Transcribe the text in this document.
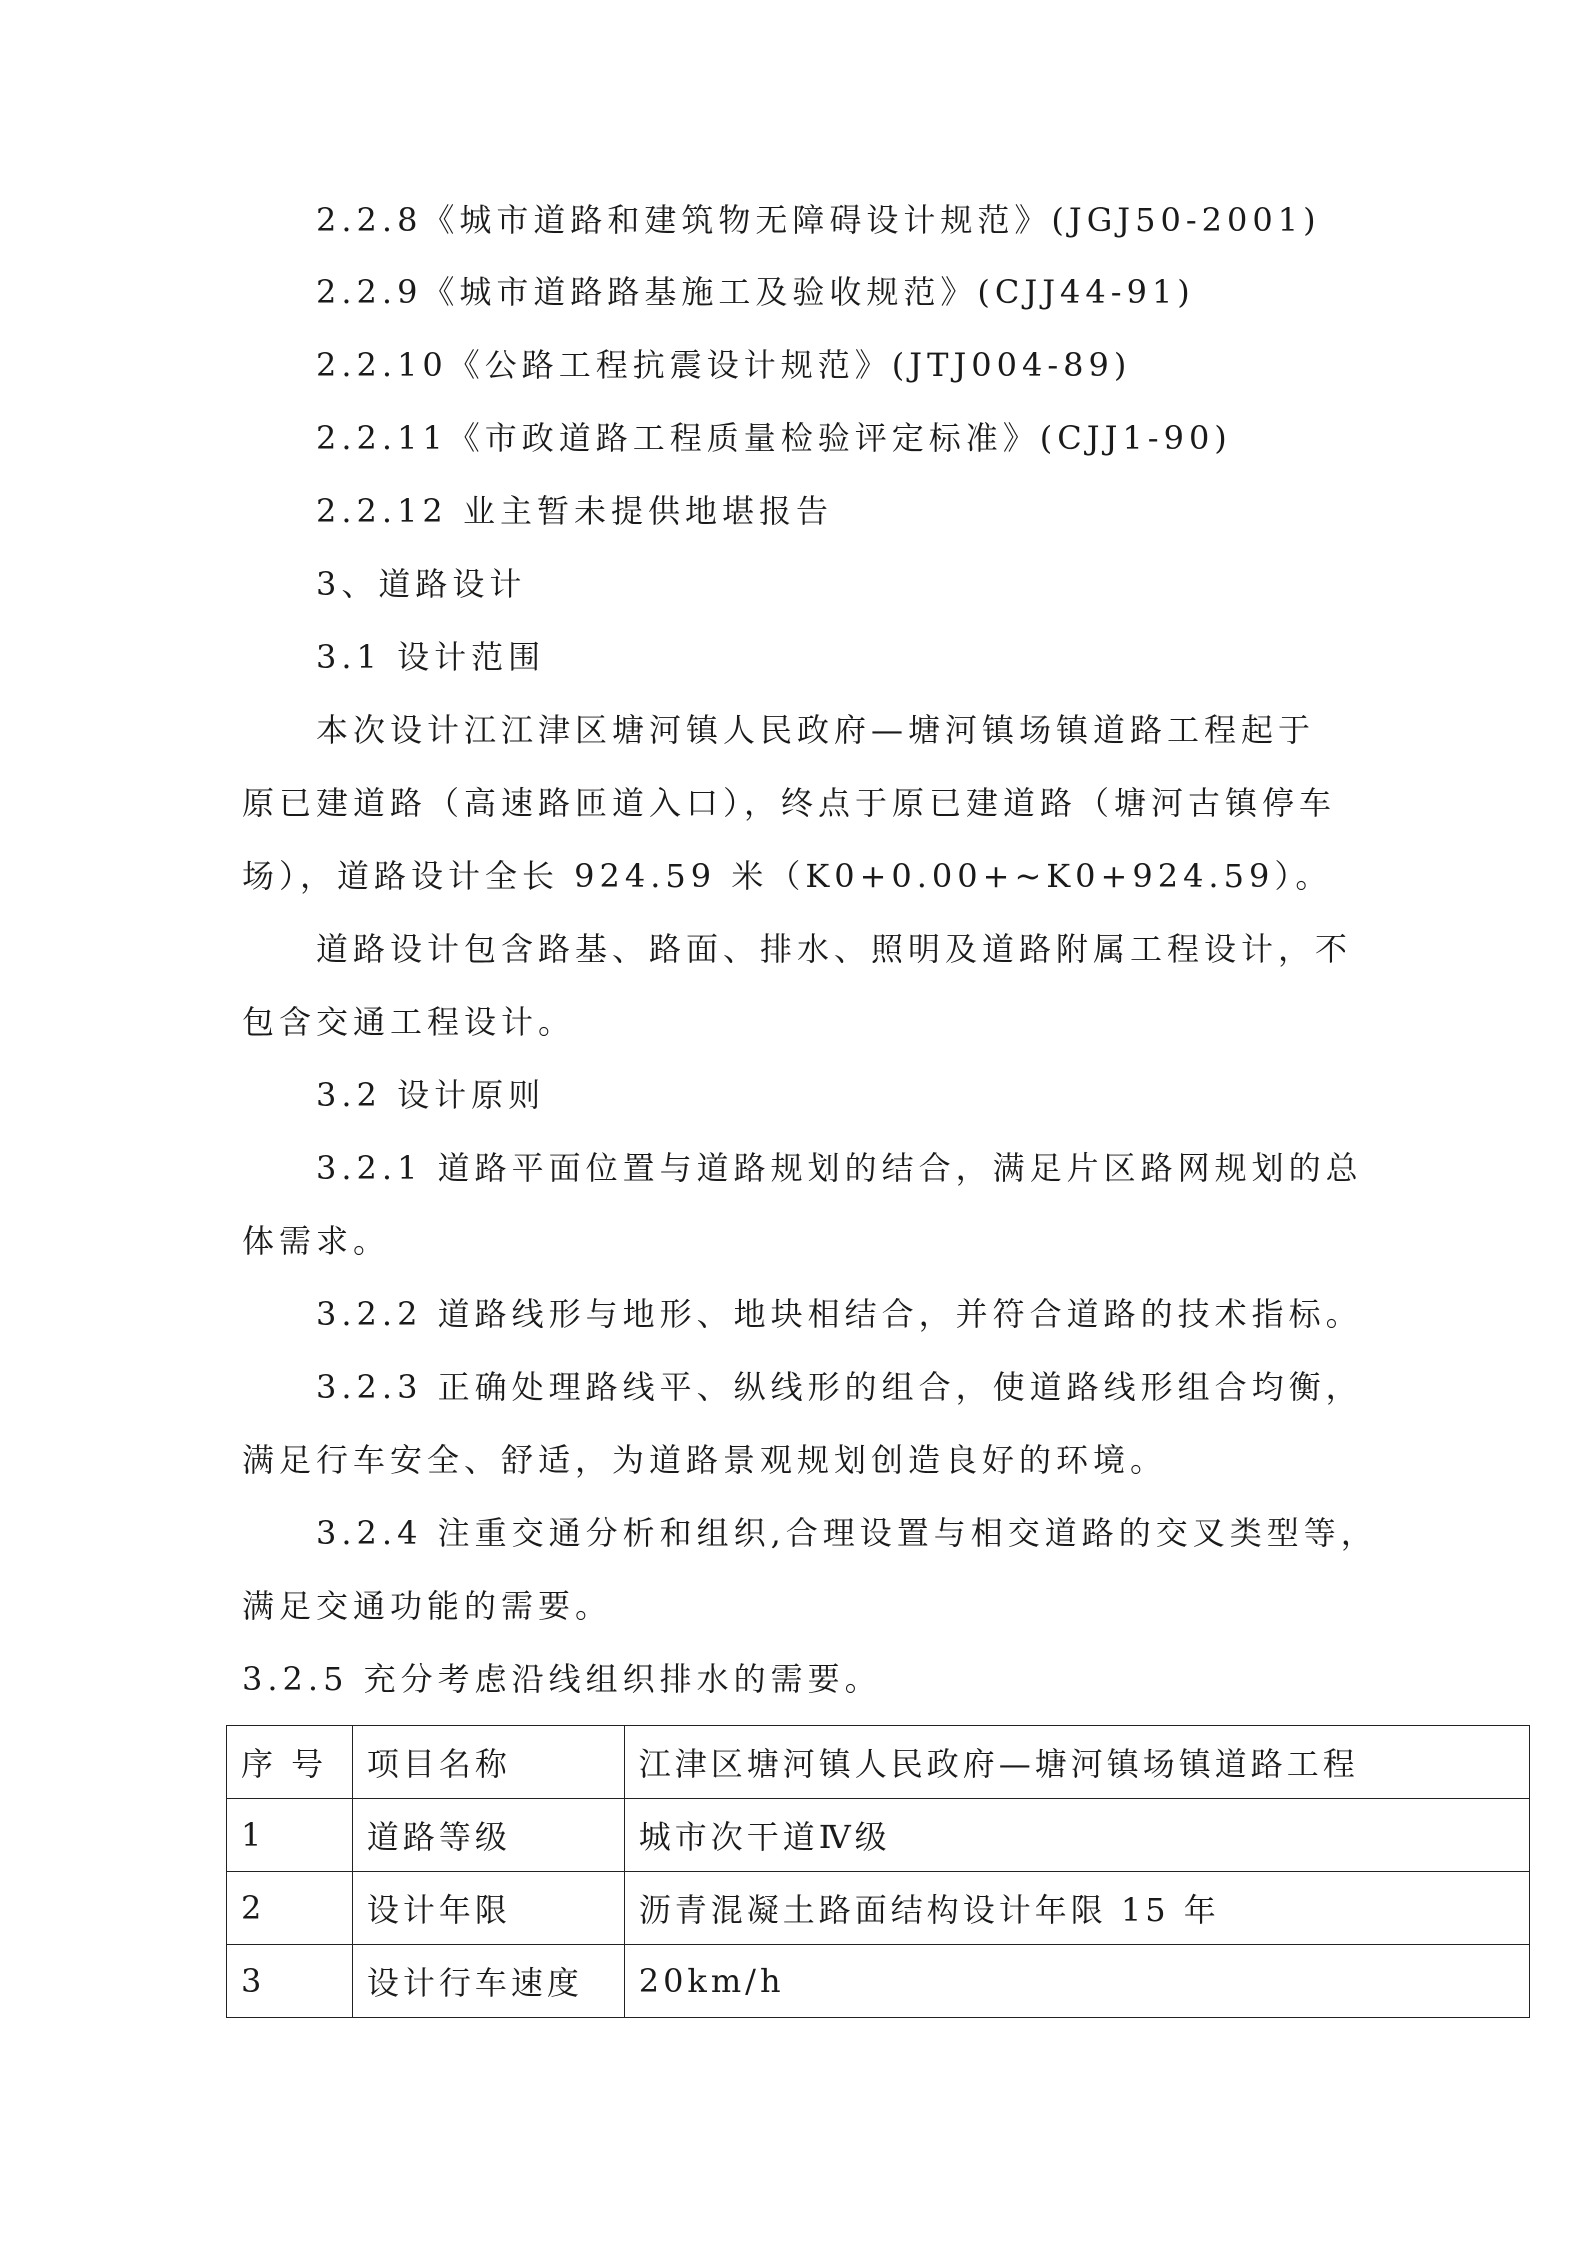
2.2.8《城市道路和建筑物无障碍设计规范》(JGJ50-2001)
2.2.9《城市道路路基施工及验收规范》(CJJ44-91)
2.2.10《公路工程抗震设计规范》(JTJ004-89)
2.2.11《市政道路工程质量检验评定标准》(CJJ1-90)
2.2.12 业主暂未提供地堪报告
3、道路设计
3.1 设计范围
本次设计江江津区塘河镇人民政府—塘河镇场镇道路工程起于
原已建道路（高速路匝道入口），终点于原已建道路（塘河古镇停车
场），道路设计全长 924.59 米（K0+0.00+~K0+924.59）。
道路设计包含路基、路面、排水、照明及道路附属工程设计，不
包含交通工程设计。
3.2 设计原则
3.2.1 道路平面位置与道路规划的结合，满足片区路网规划的总
体需求。
3.2.2 道路线形与地形、地块相结合，并符合道路的技术指标。
3.2.3 正确处理路线平、纵线形的组合，使道路线形组合均衡，
满足行车安全、舒适，为道路景观规划创造良好的环境。
3.2.4 注重交通分析和组织,合理设置与相交道路的交叉类型等，
满足交通功能的需要。
3.2.5 充分考虑沿线组织排水的需要。
序 号	项目名称	江津区塘河镇人民政府—塘河镇场镇道路工程
1	道路等级	城市次干道Ⅳ级
2	设计年限	沥青混凝土路面结构设计年限 15 年
3	设计行车速度	20km/h
